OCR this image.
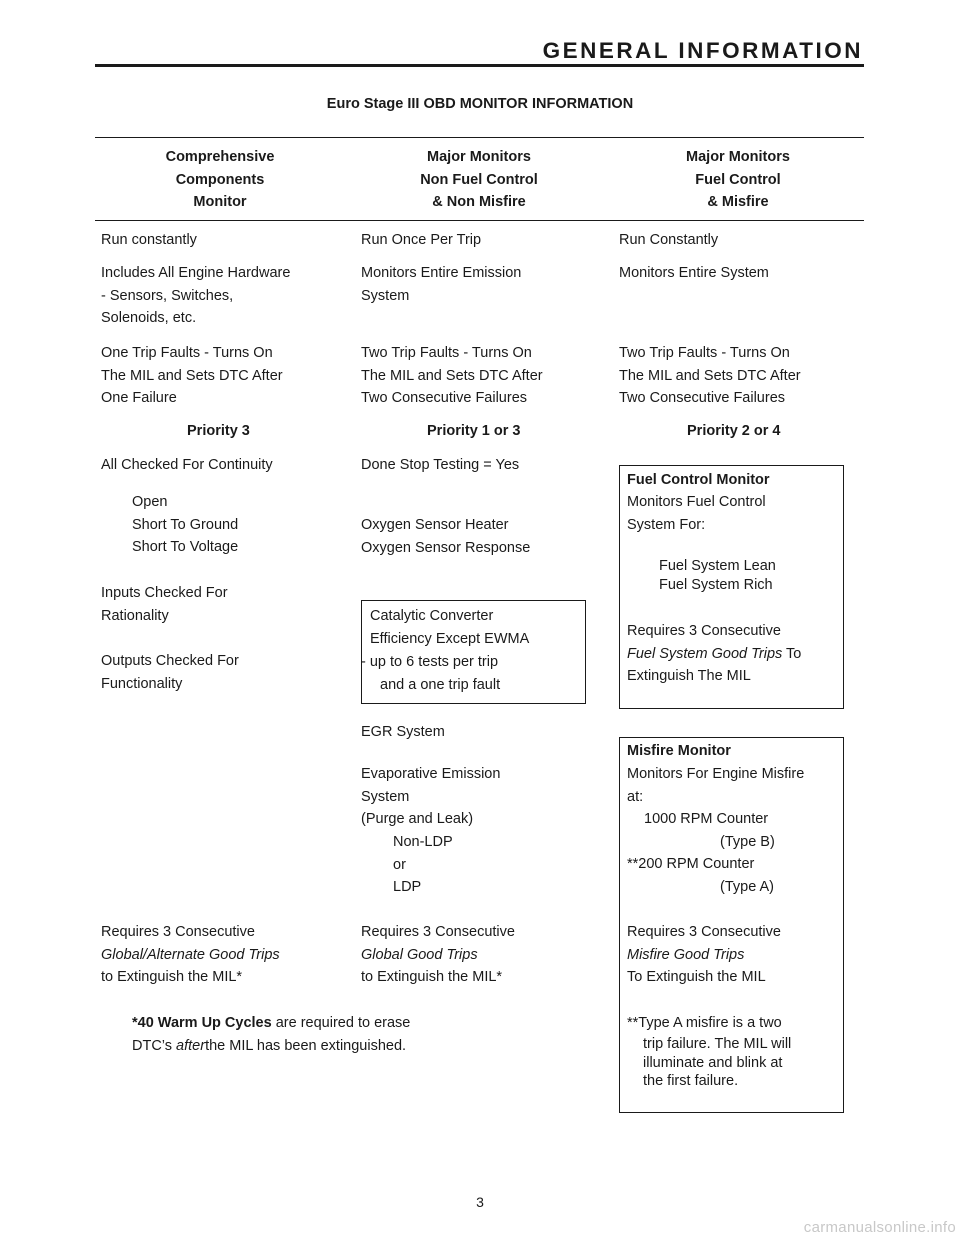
GENERAL INFORMATION
Euro Stage III OBD MONITOR INFORMATION
Comprehensive
Components
Monitor
Major Monitors
Non Fuel Control
& Non Misfire
Major Monitors
Fuel Control
& Misfire
Run constantly
Includes All Engine Hardware
- Sensors, Switches,
Solenoids, etc.
One Trip Faults - Turns On
The MIL and Sets DTC After
One Failure
Priority 3
All Checked For Continuity
Open
Short To Ground
Short To Voltage
Inputs Checked For
Rationality
Outputs Checked For
Functionality
Requires 3 Consecutive
Global/Alternate Good Trips
to Extinguish the MIL*
Run Once Per Trip
Monitors Entire Emission
System
Two Trip Faults - Turns On
The MIL and Sets DTC After
Two Consecutive Failures
Priority 1 or 3
Done Stop Testing = Yes
Oxygen Sensor Heater
Oxygen Sensor Response
Catalytic Converter
Efficiency Except EWMA
- up to 6 tests per trip
and a one trip fault
EGR System
Evaporative Emission
System
(Purge and Leak)
Non-LDP
or
LDP
Requires 3 Consecutive
Global Good Trips
to Extinguish the MIL*
Run Constantly
Monitors Entire System
Two Trip Faults - Turns On
The MIL and Sets DTC After
Two Consecutive Failures
Priority 2 or 4
Fuel Control Monitor
Monitors Fuel Control
System For:
Fuel System Lean
Fuel System Rich
Requires 3 Consecutive
Fuel System Good Trips To
Extinguish The MIL
Misfire Monitor
Monitors For Engine Misfire
at:
1000 RPM Counter
(Type B)
**200 RPM Counter
(Type A)
Requires 3 Consecutive
Misfire Good Trips
To Extinguish the MIL
**Type A misfire is a two
trip failure. The MIL will
illuminate and blink at
the first failure.
*40 Warm Up Cycles are required to erase
DTC’s afterthe MIL has been extinguished.
3
carmanualsonline.info
